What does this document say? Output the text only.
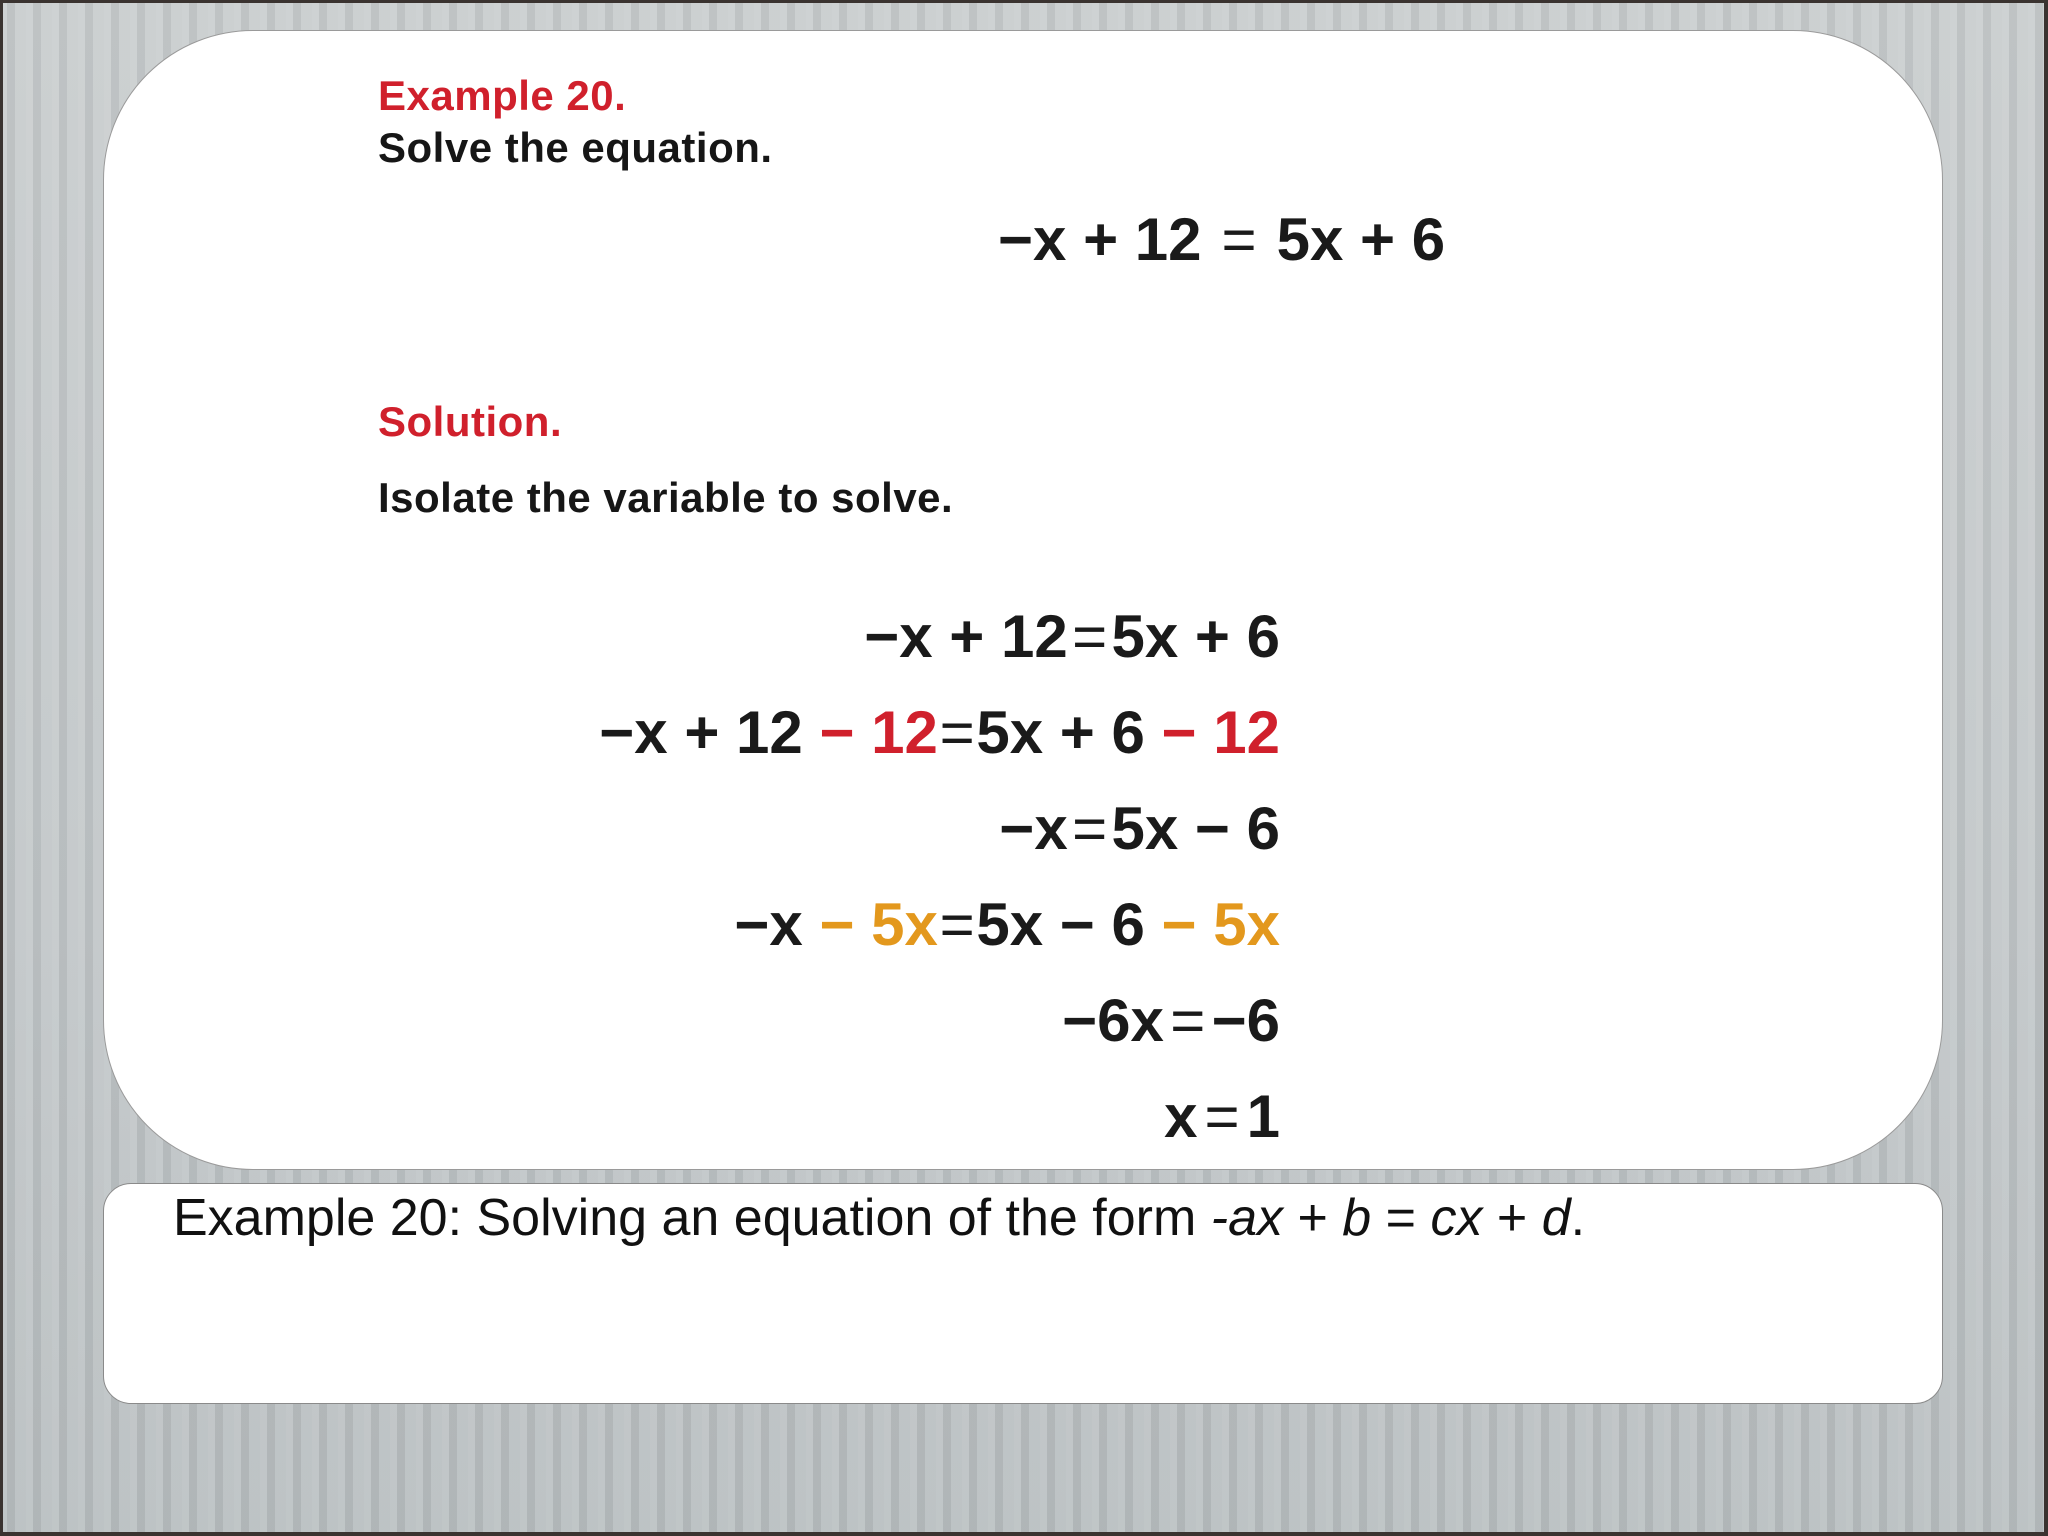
Example 20.

Solve the equation.

−x + 12 = 5x + 6

Solution.

Isolate the variable to solve.

−x + 12 = 5x + 6
−x + 12 − 12 = 5x + 6 − 12
−x = 5x − 6
−x − 5x = 5x − 6 − 5x
−6x = −6
x = 1

Example 20: Solving an equation of the form -ax + b = cx + d.
